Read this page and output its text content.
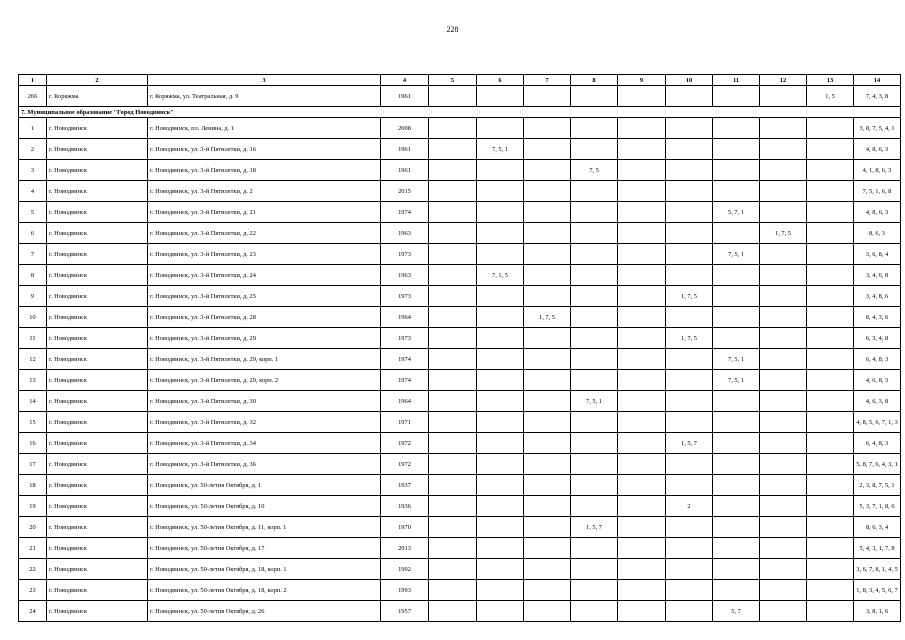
228
1	2	3	4	5	6	7	8	9	10	11	12	13	14
266	г. Коряжма	г. Коряжма, ул. Театральная, д. 9	1961									1, 5	7, 4, 3, 8
7. Муниципальное образование "Город Новодвинск"													
1	г. Новодвинск	г. Новодвинск, пл. Ленина, д. 1	2008										3, 8, 7, 5, 4, 1
2	г. Новодвинск	г. Новодвинск, ул. 3-й Пятилетки, д. 16	1961		7, 5, 1								4, 8, 6, 3
3	г. Новодвинск	г. Новодвинск, ул. 3-й Пятилетки, д. 18	1961				7, 5						4, 1, 8, 6, 3
4	г. Новодвинск	г. Новодвинск, ул. 3-й Пятилетки, д. 2	2015										7, 5, 1, 6, 8
5	г. Новодвинск	г. Новодвинск, ул. 3-й Пятилетки, д. 21	1974							5, 7, 1			4, 8, 6, 3
6	г. Новодвинск	г. Новодвинск, ул. 3-й Пятилетки, д. 22	1963								1, 7, 5		8, 6, 3
7	г. Новодвинск	г. Новодвинск, ул. 3-й Пятилетки, д. 23	1973							7, 5, 1			3, 6, 8, 4
8	г. Новодвинск	г. Новодвинск, ул. 3-й Пятилетки, д. 24	1963		7, 1, 5								3, 4, 6, 8
9	г. Новодвинск	г. Новодвинск, ул. 3-й Пятилетки, д. 25	1973						1, 7, 5				3, 4, 8, 6
10	г. Новодвинск	г. Новодвинск, ул. 3-й Пятилетки, д. 28	1964			1, 7, 5							8, 4, 3, 6
11	г. Новодвинск	г. Новодвинск, ул. 3-й Пятилетки, д. 29	1973						1, 7, 5				6, 3, 4, 8
12	г. Новодвинск	г. Новодвинск, ул. 3-й Пятилетки, д. 29, корп. 1	1974							7, 5, 1			6, 4, 8, 3
13	г. Новодвинск	г. Новодвинск, ул. 3-й Пятилетки, д. 29, корп. 2	1974							7, 5, 1			4, 6, 8, 3
14	г. Новодвинск	г. Новодвинск, ул. 3-й Пятилетки, д. 30	1964				7, 5, 1						4, 6, 3, 8
15	г. Новодвинск	г. Новодвинск, ул. 3-й Пятилетки, д. 32	1971										4, 8, 5, 6, 7, 1, 3
16	г. Новодвинск	г. Новодвинск, ул. 3-й Пятилетки, д. 34	1972						1, 5, 7				6, 4, 8, 3
17	г. Новодвинск	г. Новодвинск, ул. 3-й Пятилетки, д. 36	1972										5, 8, 7, 6, 4, 3, 1
18	г. Новодвинск	г. Новодвинск, ул. 50-летия Октября, д. 1	1937										2, 3, 8, 7, 5, 1
19	г. Новодвинск	г. Новодвинск, ул. 50-летия Октября, д. 10	1936						2				5, 3, 7, 1, 8, 6
20	г. Новодвинск	г. Новодвинск, ул. 50-летия Октября, д. 11, корп. 1	1970				1, 5, 7						8, 6, 3, 4
21	г. Новодвинск	г. Новодвинск, ул. 50-летия Октября, д. 17	2013										5, 4, 3, 1, 7, 8
22	г. Новодвинск	г. Новодвинск, ул. 50-летия Октября, д. 18, корп. 1	1992										3, 6, 7, 8, 1, 4, 5
23	г. Новодвинск	г. Новодвинск, ул. 50-летия Октября, д. 18, корп. 2	1993										1, 8, 3, 4, 5, 6, 7
24	г. Новодвинск	г. Новодвинск, ул. 50-летия Октября, д. 26	1957							5, 7			3, 8, 1, 6
